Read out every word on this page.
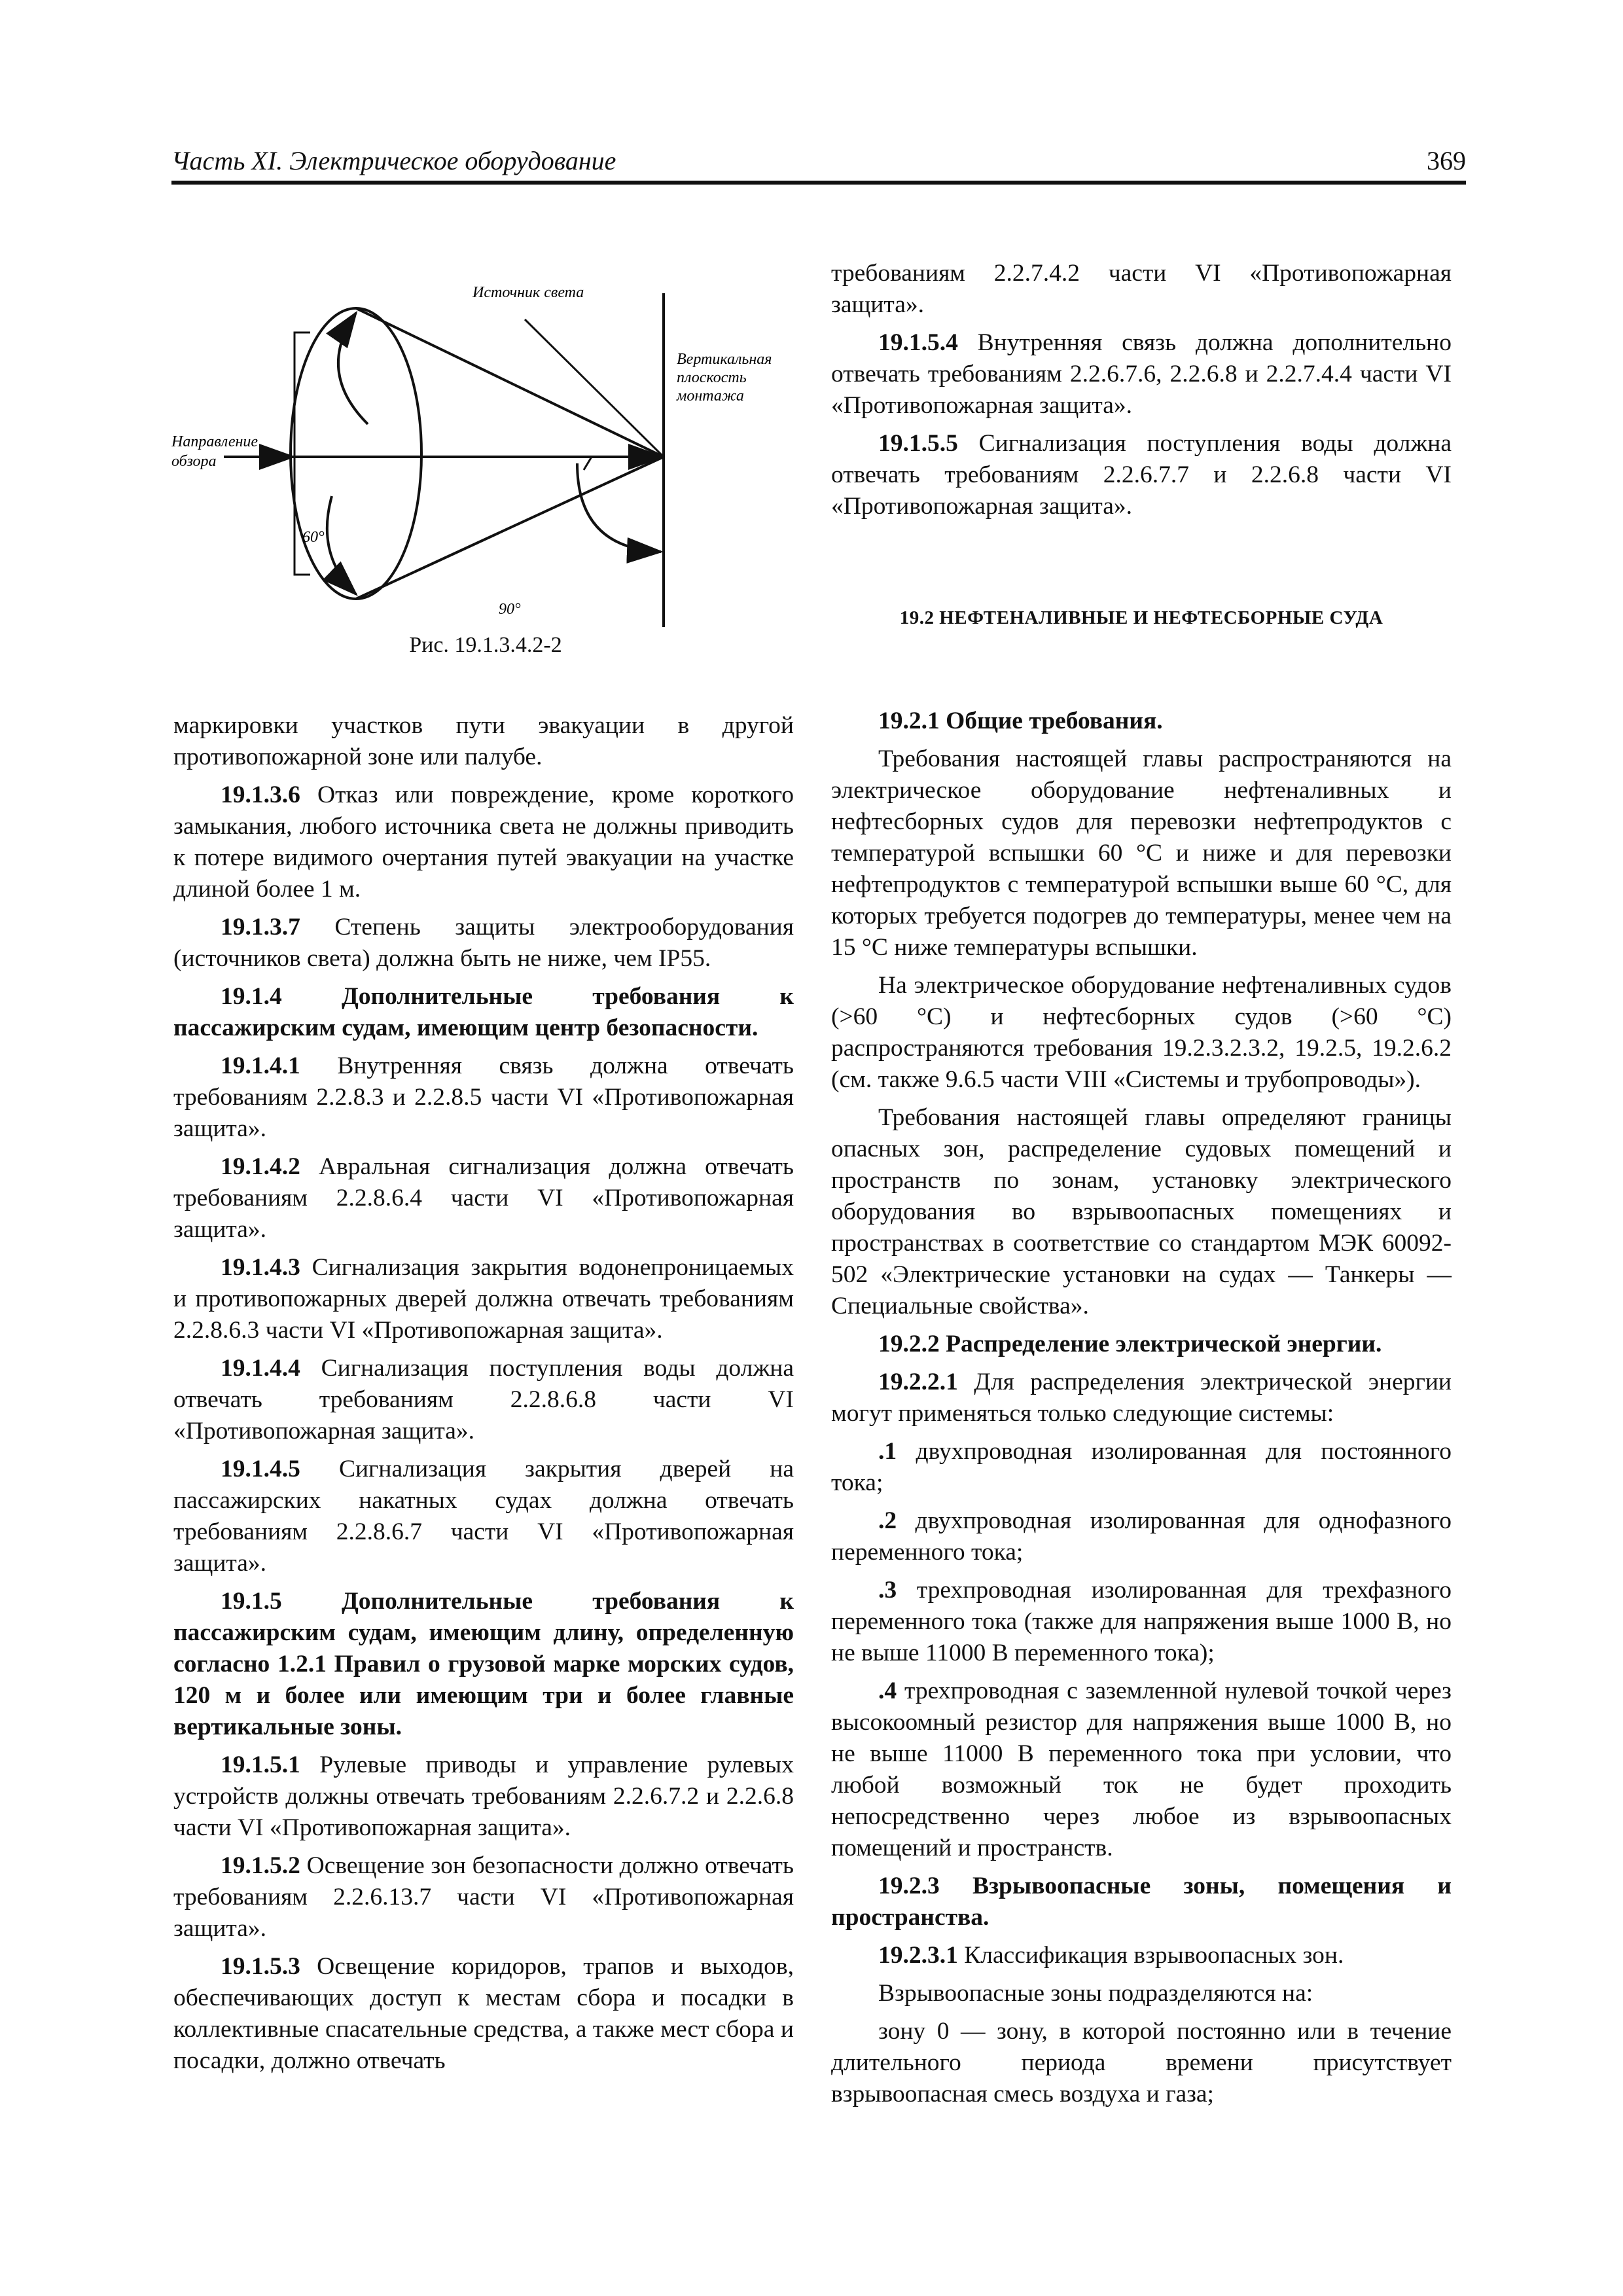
Часть XI. Электрическое оборудование	369
Источник света
Вертикальная
плоскость
монтажа
Направление
обзора
60°
90°
Рис. 19.1.3.4.2-2

маркировки участков пути эвакуации в другой противопожарной зоне или палубе.

19.1.3.6 Отказ или повреждение, кроме короткого замыкания, любого источника света не должны приводить к потере видимого очертания путей эвакуации на участке длиной более 1 м.

19.1.3.7 Степень защиты электрооборудования (источников света) должна быть не ниже, чем IP55.

19.1.4 Дополнительные требования к пассажирским судам, имеющим центр безопасности.

19.1.4.1 Внутренняя связь должна отвечать требованиям 2.2.8.3 и 2.2.8.5 части VI «Противопожарная защита».

19.1.4.2 Авральная сигнализация должна отвечать требованиям 2.2.8.6.4 части VI «Противопожарная защита».

19.1.4.3 Сигнализация закрытия водонепроницаемых и противопожарных дверей должна отвечать требованиям 2.2.8.6.3 части VI «Противопожарная защита».

19.1.4.4 Сигнализация поступления воды должна отвечать требованиям 2.2.8.6.8 части VI «Противопожарная защита».

19.1.4.5 Сигнализация закрытия дверей на пассажирских накатных судах должна отвечать требованиям 2.2.8.6.7 части VI «Противопожарная защита».

19.1.5 Дополнительные требования к пассажирским судам, имеющим длину, определенную согласно 1.2.1 Правил о грузовой марке морских судов, 120 м и более или имеющим три и более главные вертикальные зоны.

19.1.5.1 Рулевые приводы и управление рулевых устройств должны отвечать требованиям 2.2.6.7.2 и 2.2.6.8 части VI «Противопожарная защита».

19.1.5.2 Освещение зон безопасности должно отвечать требованиям 2.2.6.13.7 части VI «Противопожарная защита».

19.1.5.3 Освещение коридоров, трапов и выходов, обеспечивающих доступ к местам сбора и посадки в коллективные спасательные средства, а также мест сбора и посадки, должно отвечать

требованиям 2.2.7.4.2 части VI «Противопожарная защита».

19.1.5.4 Внутренняя связь должна дополнительно отвечать требованиям 2.2.6.7.6, 2.2.6.8 и 2.2.7.4.4 части VI «Противопожарная защита».

19.1.5.5 Сигнализация поступления воды должна отвечать требованиям 2.2.6.7.7 и 2.2.6.8 части VI «Противопожарная защита».

19.2 НЕФТЕНАЛИВНЫЕ И НЕФТЕСБОРНЫЕ СУДА

19.2.1 Общие требования.

Требования настоящей главы распространяются на электрическое оборудование нефтеналивных и нефтесборных судов для перевозки нефтепродуктов с температурой вспышки 60 °С и ниже и для перевозки нефтепродуктов с температурой вспышки выше 60 °С, для которых требуется подогрев до температуры, менее чем на 15 °С ниже температуры вспышки.

На электрическое оборудование нефтеналивных судов (>60 °С) и нефтесборных судов (>60 °С) распространяются требования 19.2.3.2.3.2, 19.2.5, 19.2.6.2 (см. также 9.6.5 части VIII «Системы и трубопроводы»).

Требования настоящей главы определяют границы опасных зон, распределение судовых помещений и пространств по зонам, установку электрического оборудования во взрывоопасных помещениях и пространствах в соответствие со стандартом МЭК 60092-502 «Электрические установки на судах — Танкеры — Специальные свойства».

19.2.2 Распределение электрической энергии.

19.2.2.1 Для распределения электрической энергии могут применяться только следующие системы:

.1 двухпроводная изолированная для постоянного тока;

.2 двухпроводная изолированная для однофазного переменного тока;

.3 трехпроводная изолированная для трехфазного переменного тока (также для напряжения выше 1000 В, но не выше 11000 В переменного тока);

.4 трехпроводная с заземленной нулевой точкой через высокоомный резистор для напряжения выше 1000 В, но не выше 11000 В переменного тока при условии, что любой возможный ток не будет проходить непосредственно через любое из взрывоопасных помещений и пространств.

19.2.3 Взрывоопасные зоны, помещения и пространства.

19.2.3.1 Классификация взрывоопасных зон.

Взрывоопасные зоны подразделяются на:

зону 0 — зону, в которой постоянно или в течение длительного периода времени присутствует взрывоопасная смесь воздуха и газа;
